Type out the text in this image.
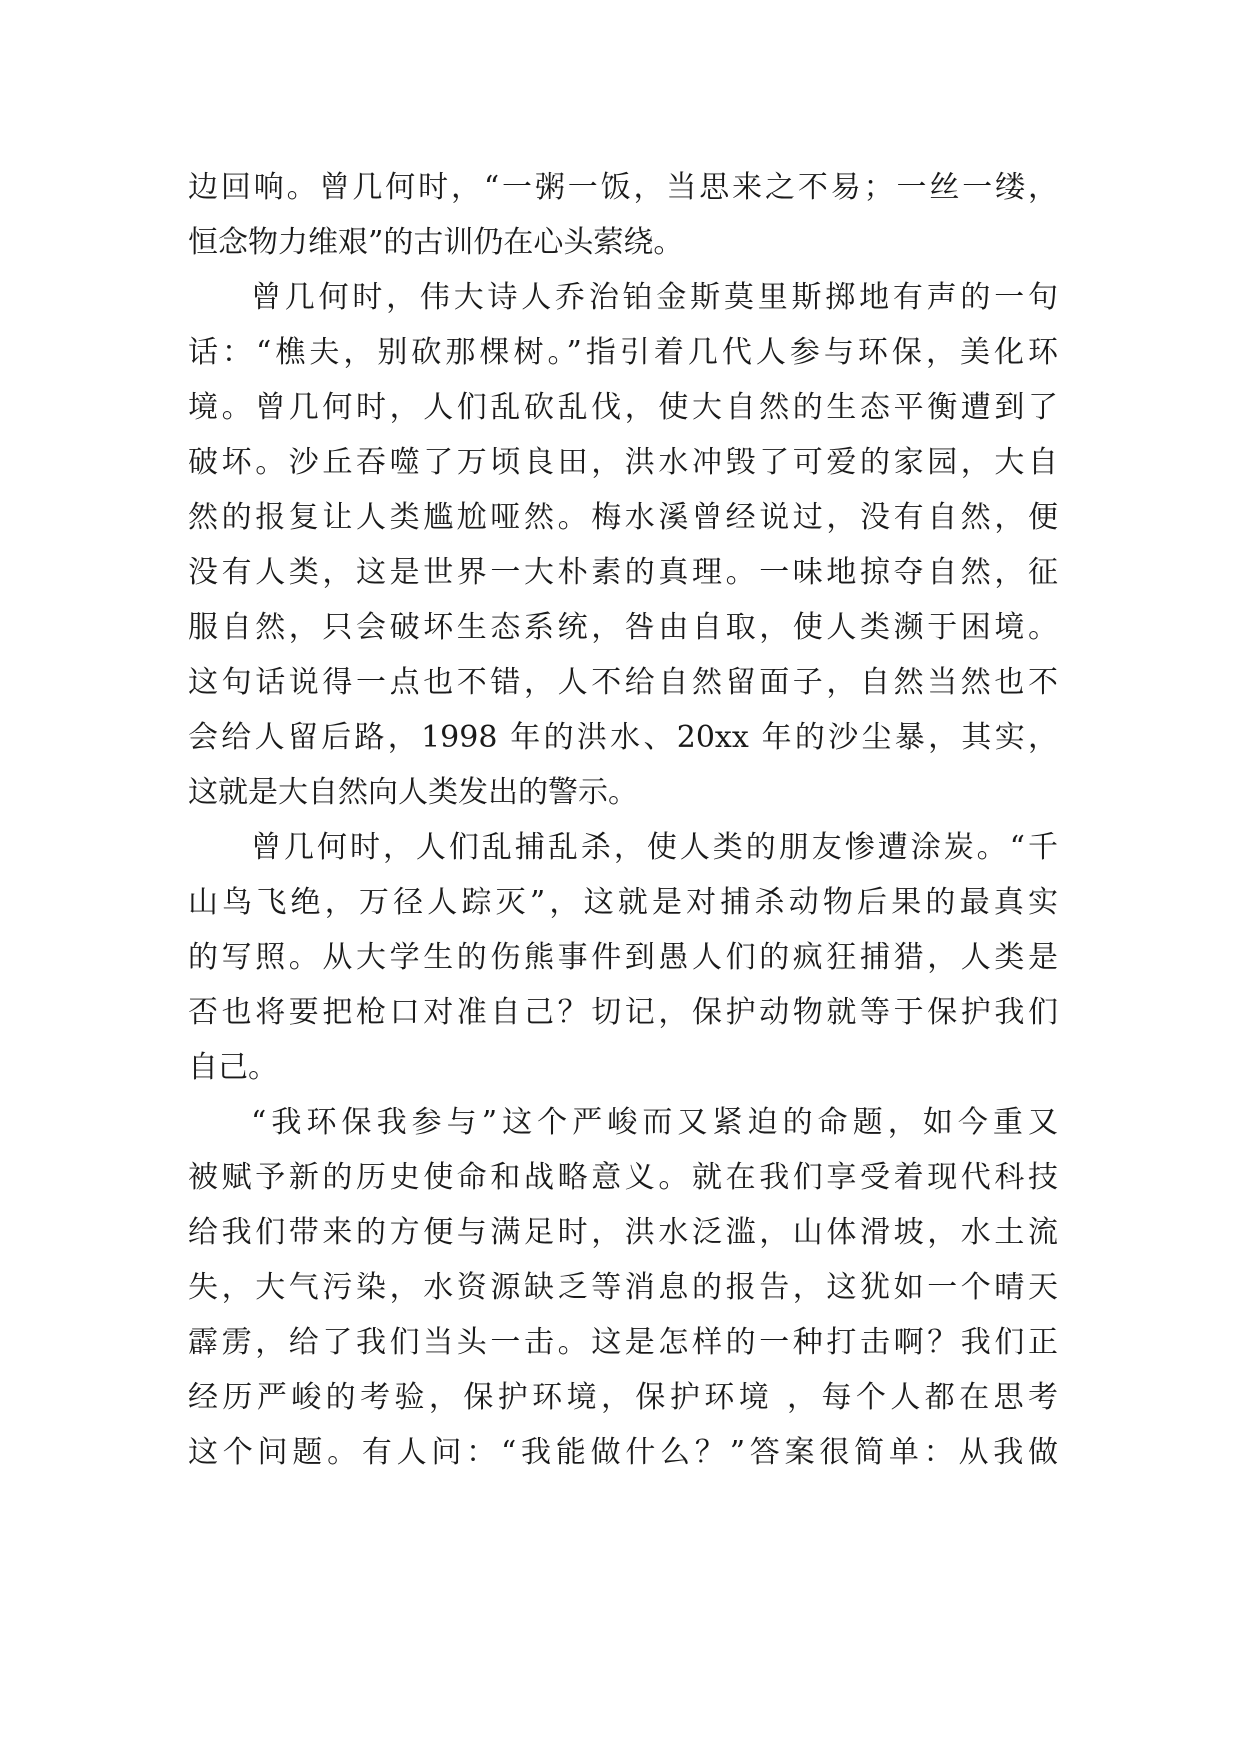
边回响。曾几何时，“一粥一饭，当思来之不易；一丝一缕，
恒念物力维艰”的古训仍在心头萦绕。
曾几何时，伟大诗人乔治铂金斯莫里斯掷地有声的一句
话：“樵夫，别砍那棵树。”指引着几代人参与环保，美化环
境。曾几何时，人们乱砍乱伐，使大自然的生态平衡遭到了
破坏。沙丘吞噬了万顷良田，洪水冲毁了可爱的家园，大自
然的报复让人类尴尬哑然。梅水溪曾经说过，没有自然，便
没有人类，这是世界一大朴素的真理。一味地掠夺自然，征
服自然，只会破坏生态系统，咎由自取，使人类濒于困境。
这句话说得一点也不错，人不给自然留面子，自然当然也不
会给人留后路，1998 年的洪水、20xx 年的沙尘暴，其实，
这就是大自然向人类发出的警示。
曾几何时，人们乱捕乱杀，使人类的朋友惨遭涂炭。“千
山鸟飞绝，万径人踪灭”，这就是对捕杀动物后果的最真实
的写照。从大学生的伤熊事件到愚人们的疯狂捕猎，人类是
否也将要把枪口对准自己？切记，保护动物就等于保护我们
自己。
“我环保我参与”这个严峻而又紧迫的命题，如今重又
被赋予新的历史使命和战略意义。就在我们享受着现代科技
给我们带来的方便与满足时，洪水泛滥，山体滑坡，水土流
失，大气污染，水资源缺乏等消息的报告，这犹如一个晴天
霹雳，给了我们当头一击。这是怎样的一种打击啊？我们正
经历严峻的考验，保护环境，保护环境 ，每个人都在思考
这个问题。有人问：“我能做什么？”答案很简单：从我做
